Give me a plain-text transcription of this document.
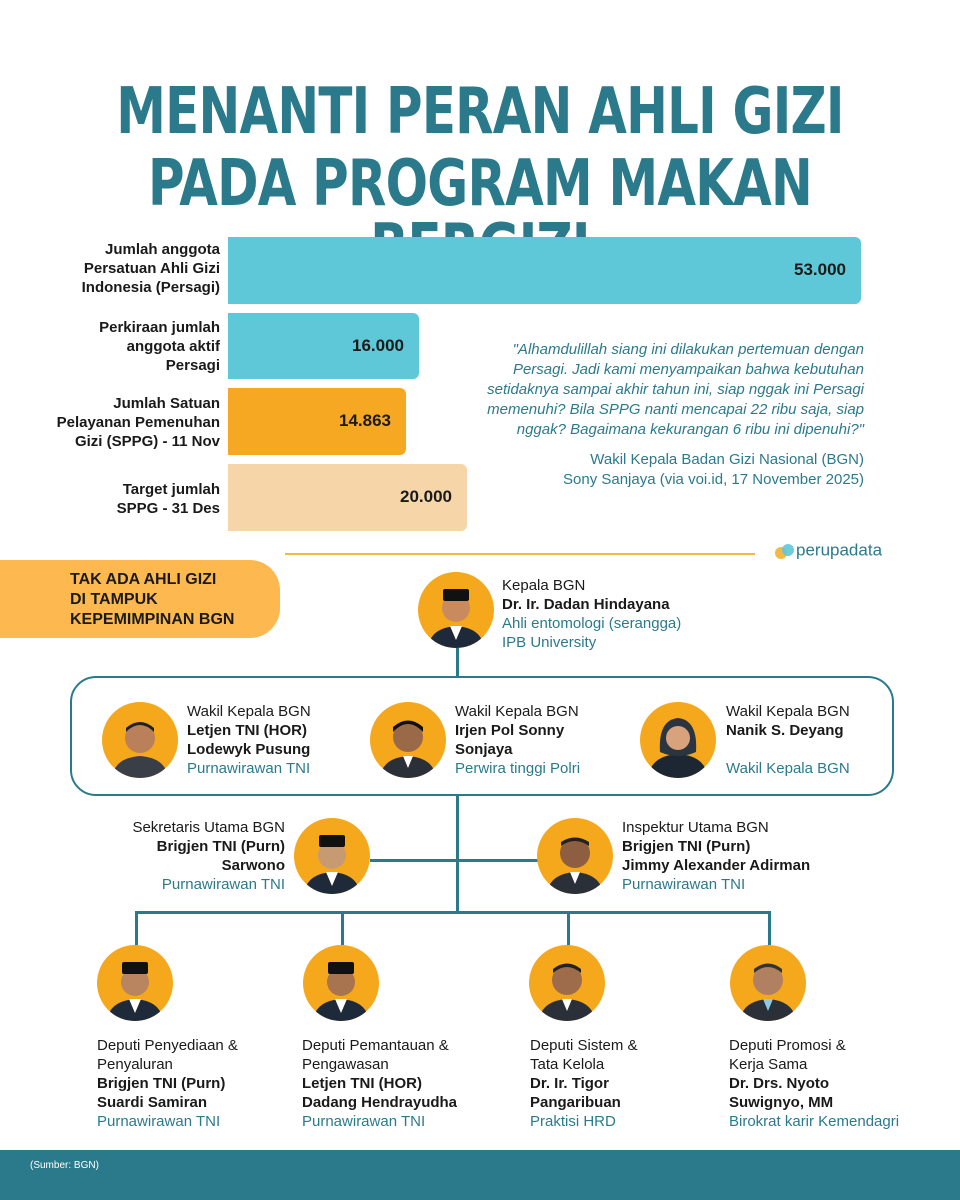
MENANTI PERAN AHLI GIZI
PADA PROGRAM MAKAN
Jumlah anggota
Persatuan Ahli Gizi
Indonesia (Persagi)
Perkiraan jumlah
anggota aktif
Persagi
Jumlah Satuan
Pelayanan Pemenuhan
Gizi (SPPG) - 11 Nov
Target jumlah
SPPG - 31 Des
53.000
16.000
14.863
20.000
"Alhamdulillah siang ini dilakukan pertemuan dengan Persagi. Jadi kami menyampaikan bahwa kebutuhan setidaknya sampai akhir tahun ini, siap nggak ini Persagi memenuhi? Bila SPPG nanti mencapai 22 ribu saja, siap nggak? Bagaimana kekurangan 6 ribu ini dipenuhi?"
Wakil Kepala Badan Gizi Nasional (BGN)
Sony Sanjaya (via voi.id, 17 November 2025)
perupadata
TAK ADA AHLI GIZI
DI TAMPUK
KEPEMIMPINAN BGN
Kepala BGN
Dr. Ir. Dadan Hindayana
Ahli entomologi (serangga)
IPB University
Wakil Kepala BGN
Letjen TNI (HOR)
Lodewyk Pusung
Purnawirawan TNI
Wakil Kepala BGN
Irjen Pol Sonny
Sonjaya
Perwira tinggi Polri
Wakil Kepala BGN
Nanik S. Deyang

Wakil Kepala BGN
Sekretaris Utama BGN
Brigjen TNI (Purn)
Sarwono
Purnawirawan TNI
Inspektur Utama BGN
Brigjen TNI (Purn)
Jimmy Alexander Adirman
Purnawirawan TNI
Deputi Penyediaan &
Penyaluran
Brigjen TNI (Purn)
Suardi Samiran
Purnawirawan TNI
Deputi Pemantauan &
Pengawasan
Letjen TNI (HOR)
Dadang Hendrayudha
Purnawirawan TNI
Deputi Sistem &
Tata Kelola
Dr. Ir. Tigor
Pangaribuan
Praktisi HRD
Deputi Promosi &
Kerja Sama
Dr. Drs. Nyoto
Suwignyo, MM
Birokrat karir Kemendagri
(Sumber: BGN)
